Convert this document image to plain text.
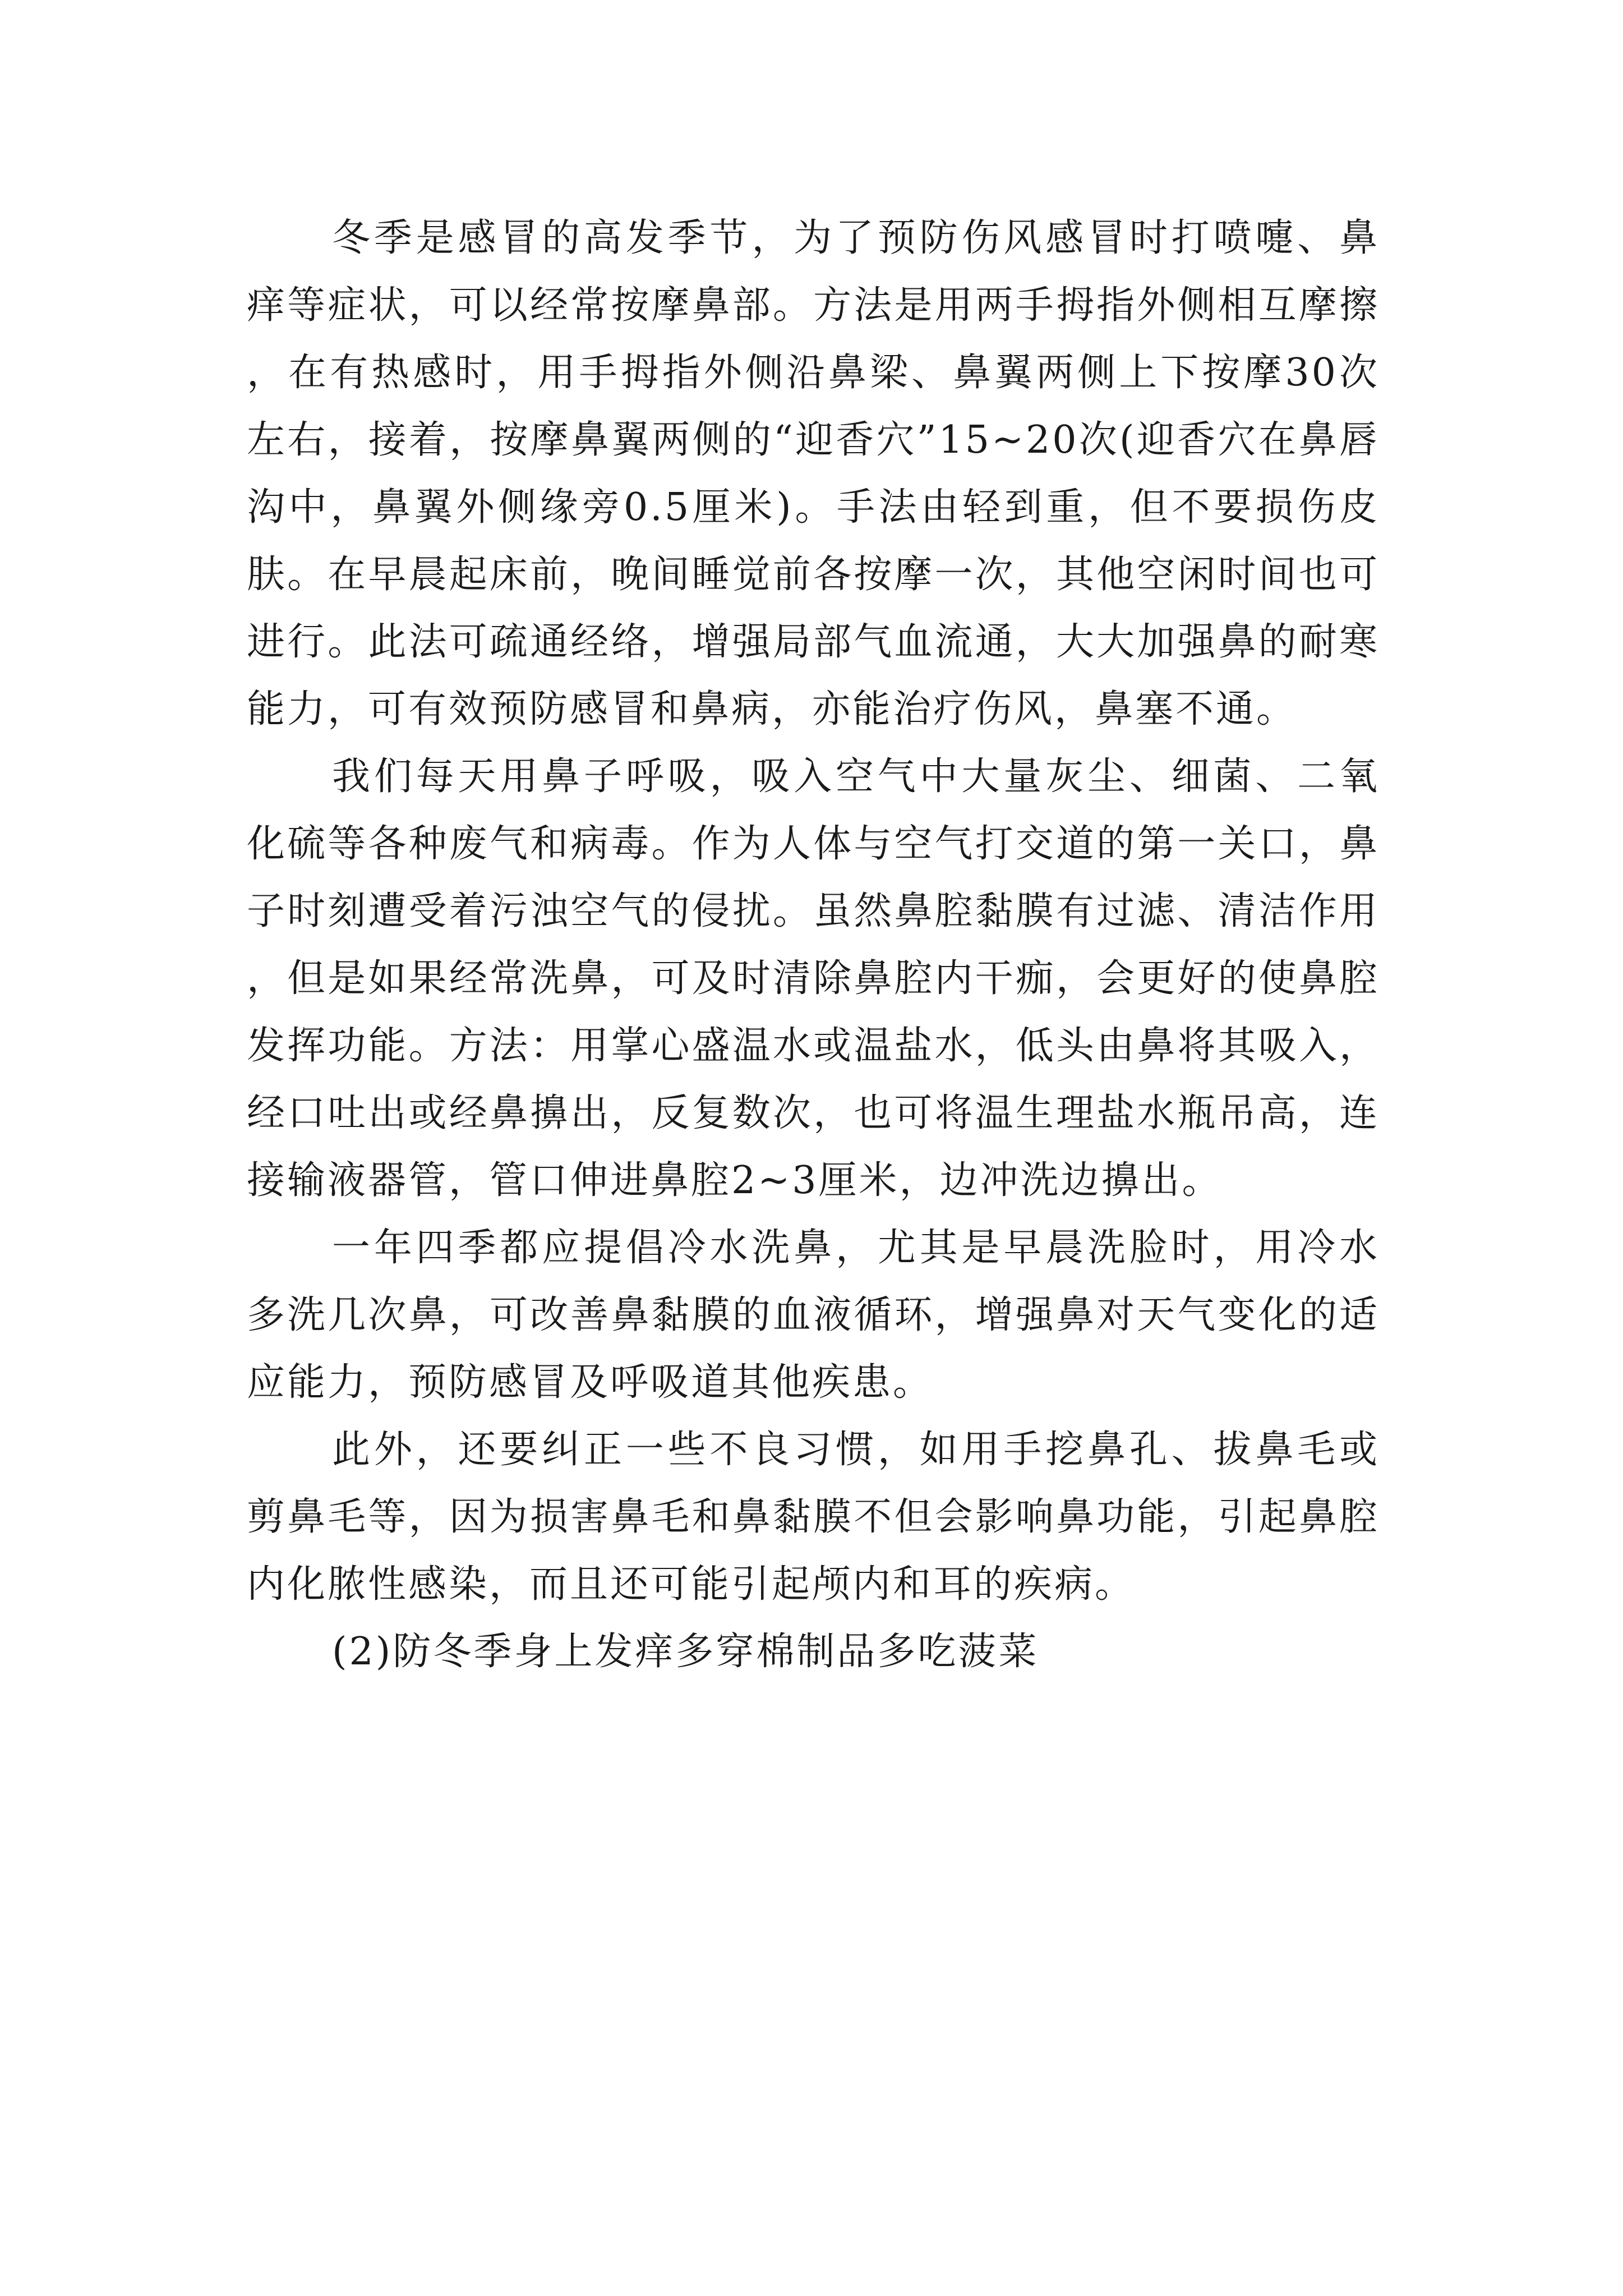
冬季是感冒的高发季节，为了预防伤风感冒时打喷嚏、鼻痒等症状，可以经常按摩鼻部。方法是用两手拇指外侧相互摩擦，在有热感时，用手拇指外侧沿鼻梁、鼻翼两侧上下按摩30次左右，接着，按摩鼻翼两侧的“迎香穴”15~20次(迎香穴在鼻唇沟中，鼻翼外侧缘旁0.5厘米)。手法由轻到重，但不要损伤皮肤。在早晨起床前，晚间睡觉前各按摩一次，其他空闲时间也可进行。此法可疏通经络，增强局部气血流通，大大加强鼻的耐寒能力，可有效预防感冒和鼻病，亦能治疗伤风，鼻塞不通。

我们每天用鼻子呼吸，吸入空气中大量灰尘、细菌、二氧化硫等各种废气和病毒。作为人体与空气打交道的第一关口，鼻子时刻遭受着污浊空气的侵扰。虽然鼻腔黏膜有过滤、清洁作用，但是如果经常洗鼻，可及时清除鼻腔内干痂，会更好的使鼻腔发挥功能。方法：用掌心盛温水或温盐水，低头由鼻将其吸入，经口吐出或经鼻擤出，反复数次，也可将温生理盐水瓶吊高，连接输液器管，管口伸进鼻腔2~3厘米，边冲洗边擤出。

一年四季都应提倡冷水洗鼻，尤其是早晨洗脸时，用冷水多洗几次鼻，可改善鼻黏膜的血液循环，增强鼻对天气变化的适应能力，预防感冒及呼吸道其他疾患。

此外，还要纠正一些不良习惯，如用手挖鼻孔、拔鼻毛或剪鼻毛等，因为损害鼻毛和鼻黏膜不但会影响鼻功能，引起鼻腔内化脓性感染，而且还可能引起颅内和耳的疾病。

(2)防冬季身上发痒多穿棉制品多吃菠菜
